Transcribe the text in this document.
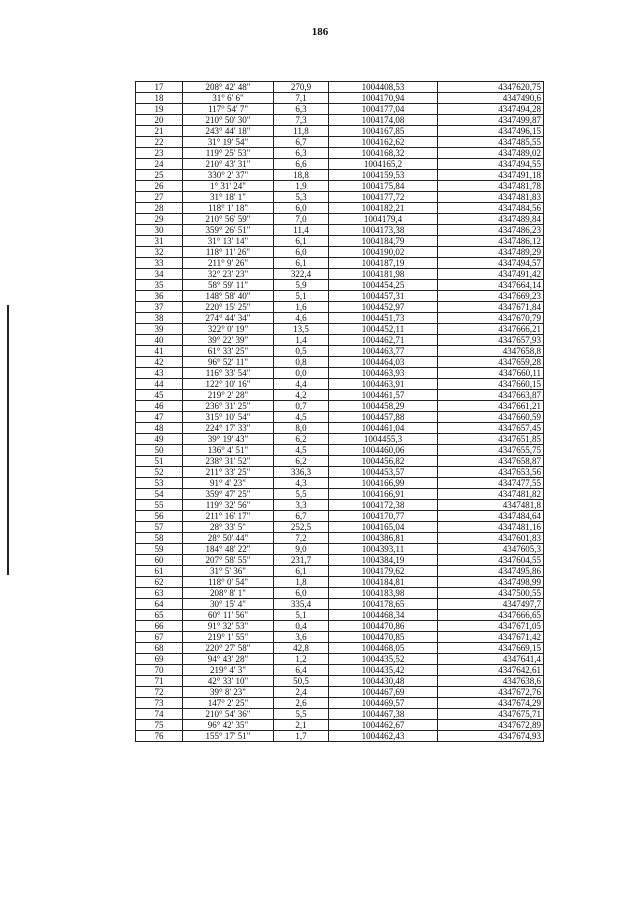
186
17	208° 42' 48"	270,9	1004408,53	4347620,75
18	31° 6' 6"	7,1	1004170,94	4347490,6
19	117° 54' 7"	6,3	1004177,04	4347494,28
20	210° 50' 30"	7,3	1004174,08	4347499,87
21	243° 44' 18"	11,8	1004167,85	4347496,15
22	31° 19' 54"	6,7	1004162,62	4347485,55
23	119° 25' 53"	6,3	1004168,32	4347489,02
24	210° 43' 31"	6,6	1004165,2	4347494,55
25	330° 2' 37"	18,8	1004159,53	4347491,18
26	1° 31' 24"	1,9	1004175,84	4347481,78
27	31° 18' 1"	5,3	1004177,72	4347481,83
28	118° 1' 18"	6,0	1004182,21	4347484,56
29	210° 56' 59"	7,0	1004179,4	4347489,84
30	359° 26' 51"	11,4	1004173,38	4347486,23
31	31° 13' 14"	6,1	1004184,79	4347486,12
32	118° 11' 26"	6,0	1004190,02	4347489,29
33	211° 9' 26"	6,1	1004187,19	4347494,57
34	32° 23' 23"	322,4	1004181,98	4347491,42
35	58° 59' 11"	5,9	1004454,25	4347664,14
36	148° 58' 40"	5,1	1004457,31	4347669,23
37	220° 15' 25"	1,6	1004452,97	4347671,84
38	274° 44' 34"	4,6	1004451,73	4347670,79
39	322° 0' 19"	13,5	1004452,11	4347666,21
40	39° 22' 39"	1,4	1004462,71	4347657,93
41	61° 33' 25"	0,5	1004463,77	4347658,8
42	96° 52' 11"	0,8	1004464,03	4347659,28
43	116° 33' 54"	0,0	1004463,93	4347660,11
44	122° 10' 16"	4,4	1004463,91	4347660,15
45	219° 2' 28"	4,2	1004461,57	4347663,87
46	236° 31' 25"	0,7	1004458,29	4347661,21
47	315° 10' 54"	4,5	1004457,88	4347660,59
48	224° 17' 33"	8,0	1004461,04	4347657,45
49	39° 19' 43"	6,2	1004455,3	4347651,85
50	136° 4' 51"	4,5	1004460,06	4347655,75
51	238° 31' 52"	6,2	1004456,82	4347658,87
52	211° 33' 25"	336,3	1004453,57	4347653,56
53	91° 4' 23"	4,3	1004166,99	4347477,55
54	359° 47' 25"	5,5	1004166,91	4347481,82
55	119° 32' 56"	3,3	1004172,38	4347481,8
56	211° 16' 17"	6,7	1004170,77	4347484,64
57	28° 33' 5"	252,5	1004165,04	4347481,16
58	28° 50' 44"	7,2	1004386,81	4347601,83
59	184° 48' 22"	9,0	1004393,11	4347605,3
60	207° 58' 55"	231,7	1004384,19	4347604,55
61	31° 5' 36"	6,1	1004179,62	4347495,86
62	118° 0' 54"	1,8	1004184,81	4347498,99
63	208° 8' 1"	6,0	1004183,98	4347500,55
64	30° 15' 4"	335,4	1004178,65	4347497,7
65	60° 11' 56"	5,1	1004468,34	4347666,65
66	91° 32' 53"	0,4	1004470,86	4347671,05
67	219° 1' 55"	3,6	1004470,85	4347671,42
68	220° 27' 58"	42,8	1004468,05	4347669,15
69	94° 43' 28"	1,2	1004435,52	4347641,4
70	219° 4' 3"	6,4	1004435,42	4347642,61
71	42° 33' 10"	50,5	1004430,48	4347638,6
72	39° 8' 23"	2,4	1004467,69	4347672,76
73	147° 2' 25"	2,6	1004469,57	4347674,29
74	210° 54' 36"	5,5	1004467,38	4347675,71
75	96° 42' 35"	2,1	1004462,67	4347672,89
76	155° 17' 51"	1,7	1004462,43	4347674,93
